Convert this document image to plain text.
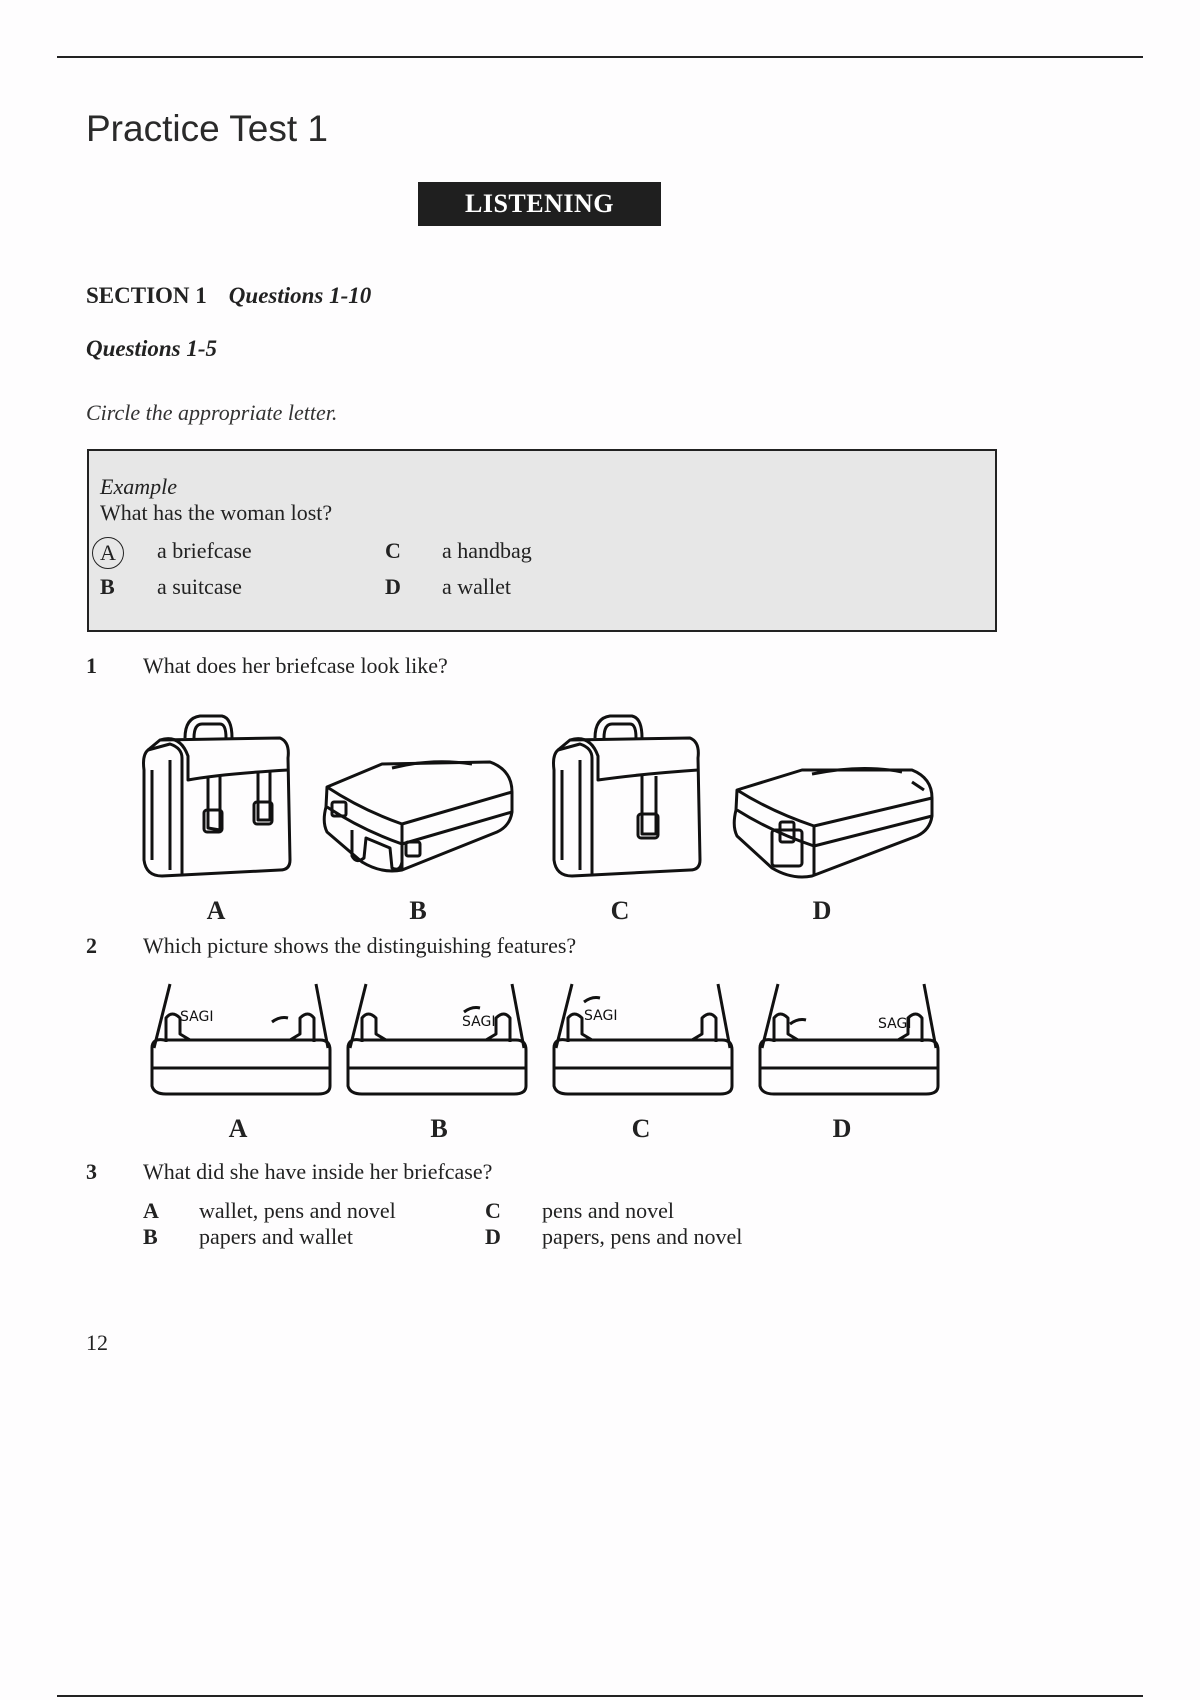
Practice Test 1
LISTENING
SECTION 1 Questions 1-10
Questions 1-5
Circle the appropriate letter.
Example
What has the woman lost?
A	a briefcase	C a handbag
B a suitcase	D a wallet
1 What does her briefcase look like?
A	B	C	D
2 Which picture shows the distinguishing features?
SAGI	SAGI	SAGI	SAGI
A	B	C	D
3 What did she have inside her briefcase?
A wallet, pens and novel	C pens and novel
B papers and wallet	D papers, pens and novel
12
